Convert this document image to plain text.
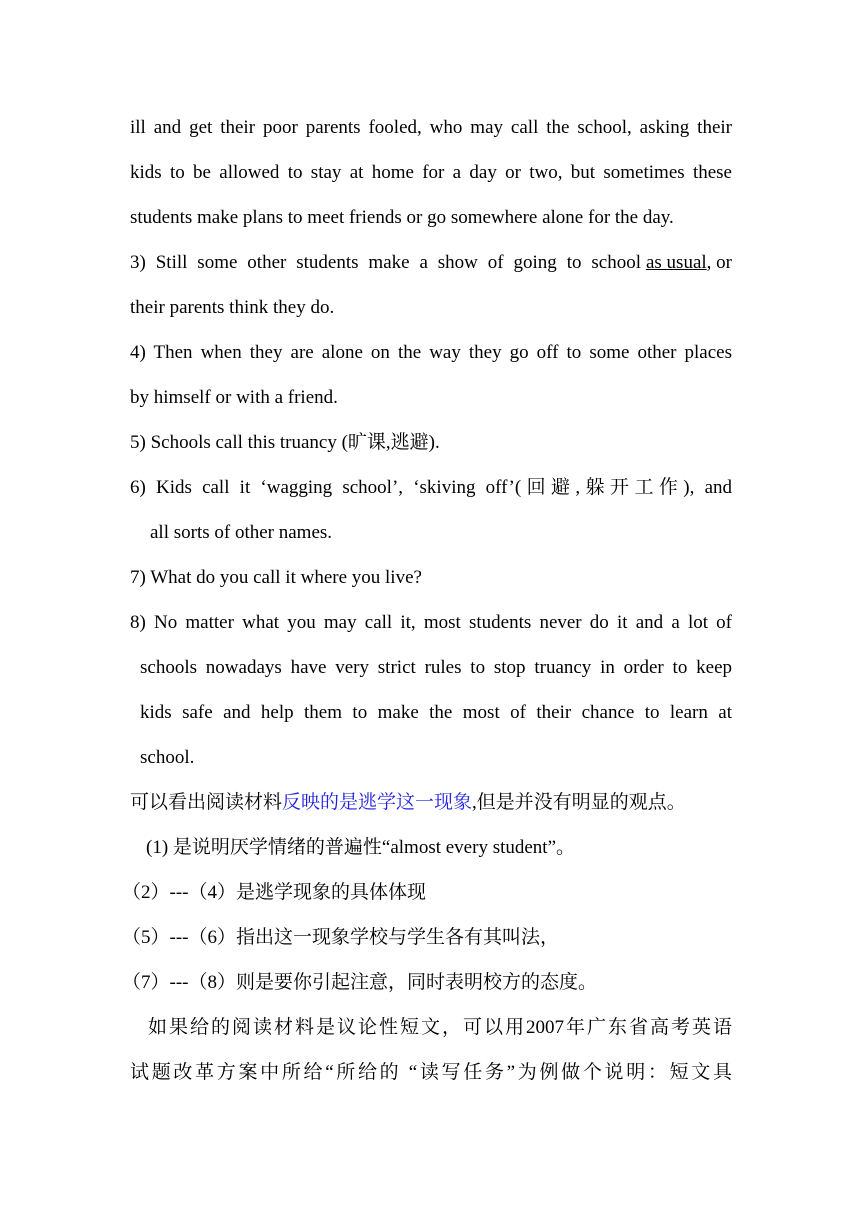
ill and get their poor parents fooled, who may call the school, asking their
kids to be allowed to stay at home for a day or two, but sometimes these
students make plans to meet friends or go somewhere alone for the day.
3) Still some other students make a show of going to school as usual , or
their parents think they do.
4) Then when they are alone on the way they go off to some other places
by himself or with a friend.
5) Schools call this truancy (旷课,逃避).
6) Kids call it ‘wagging school’, ‘skiving off’(回避,躲开工作), and
all sorts of other names.
7) What do you call it where you live?
8) No matter what you may call it, most students never do it and a lot of
schools nowadays have very strict rules to stop truancy in order to keep
kids safe and help them to make the most of their chance to learn at
school.
可以看出阅读材料反映的是逃学这一现象,但是并没有明显的观点。
(1) 是说明厌学情绪的普遍性“almost every student”。
（2）---（4）是逃学现象的具体体现
（5）---（6）指出这一现象学校与学生各有其叫法，
（7）---（8）则是要你引起注意，同时表明校方的态度。
如果给的阅读材料是议论性短文，可以用2007年广东省高考英语
试题改革方案中所给“所给的 “读写任务”为例做个说明：短文具
